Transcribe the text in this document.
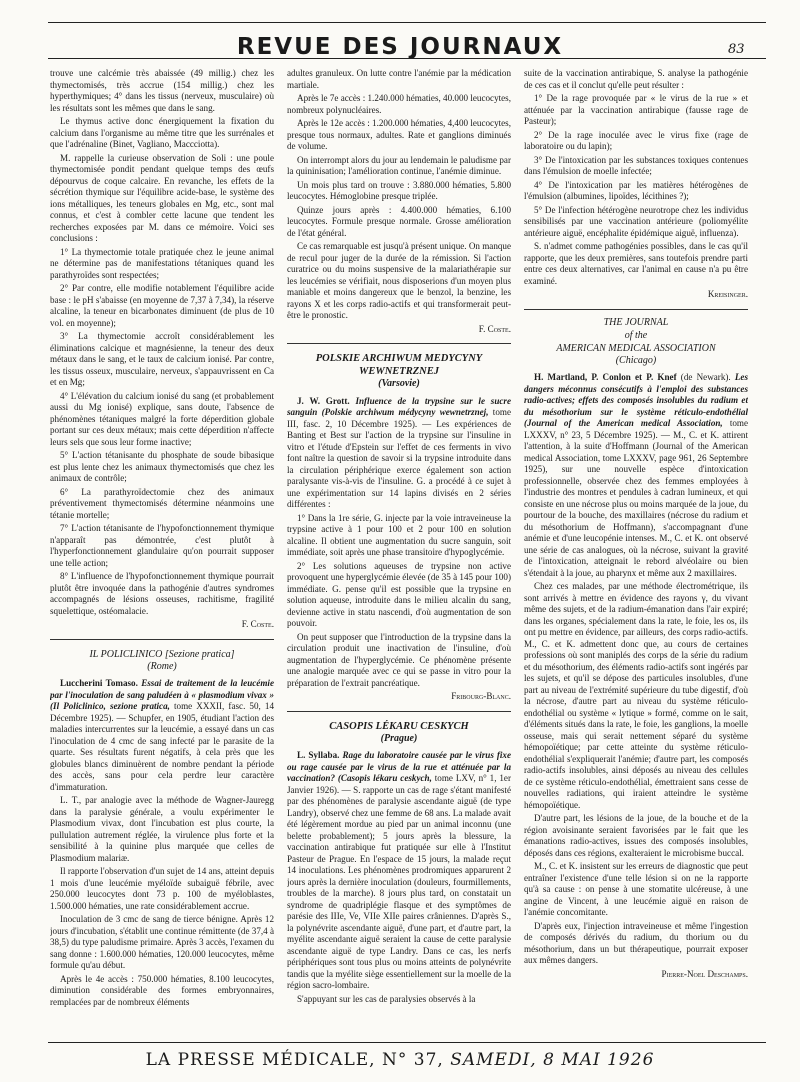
REVUE DES JOURNAUX	83

trouve une calcémie très abaissée (49 millig.) chez les thymectomisés, très accrue (154 millig.) chez les hyperthymiques; 4° dans les tissus (nerveux, musculaire) où les résultats sont les mêmes que dans le sang.

Le thymus active donc énergiquement la fixation du calcium dans l'organisme au même titre que les surrénales et que l'adrénaline (Binet, Vagliano, Maccciotta).

M. rappelle la curieuse observation de Soli : une poule thymectomisée pondit pendant quelque temps des œufs dépourvus de coque calcaire. En revanche, les effets de la sécrétion thymique sur l'équilibre acide-base, le système des ions métalliques, les teneurs globales en Mg, etc., sont mal connus, et c'est à combler cette lacune que tendent les recherches exposées par M. dans ce mémoire. Voici ses conclusions :

1° La thymectomie totale pratiquée chez le jeune animal ne détermine pas de manifestations tétaniques quand les parathyroïdes sont respectées;

2° Par contre, elle modifie notablement l'équilibre acide base : le pH s'abaisse (en moyenne de 7,37 à 7,34), la réserve alcaline, la teneur en bicarbonates diminuent (de plus de 10 vol. en moyenne);

3° La thymectomie accroît considérablement les éliminations calcique et magnésienne, la teneur des deux métaux dans le sang, et le taux de calcium ionisé. Par contre, les tissus osseux, musculaire, nerveux, s'appauvrissent en Ca et en Mg;

4° L'élévation du calcium ionisé du sang (et probablement aussi du Mg ionisé) explique, sans doute, l'absence de phénomènes tétaniques malgré la forte déperdition globale portant sur ces deux métaux; mais cette déperdition n'affecte leurs sels que sous leur forme inactive;

5° L'action tétanisante du phosphate de soude bibasique est plus lente chez les animaux thymectomisés que chez les animaux de contrôle;

6° La parathyroïdectomie chez des animaux préventivement thymectomisés détermine néanmoins une tétanie mortelle;

7° L'action tétanisante de l'hypofonctionnement thymique n'apparaît pas démontrée, c'est plutôt à l'hyperfonctionnement glandulaire qu'on pourrait supposer une telle action;

8° L'influence de l'hypofonctionnement thymique pourrait plutôt être invoquée dans la pathogénie d'autres syndromes accompagnés de lésions osseuses, rachitisme, fragilité squelettique, ostéomalacie.

F. Coste.
IL POLICLINICO [Sezione pratica]
(Rome)

Luccherini Tomaso. Essai de traitement de la leucémie par l'inoculation de sang paludéen à « plasmodium vivax » (Il Policlinico, sezione pratica, tome XXXII, fasc. 50, 14 Décembre 1925). — Schupfer, en 1905, étudiant l'action des maladies intercurrentes sur la leucémie, a essayé dans un cas l'inoculation de 4 cmc de sang infecté par le parasite de la quarte. Ses résultats furent négatifs, à cela près que les globules blancs diminuèrent de nombre pendant la période des accès, sans pour cela perdre leur caractère d'immaturation.

L. T., par analogie avec la méthode de Wagner-Jauregg dans la paralysie générale, a voulu expérimenter le Plasmodium vivax, dont l'incubation est plus courte, la pullulation autrement réglée, la virulence plus forte et la sensibilité à la quinine plus marquée que celles de Plasmodium malariæ.

Il rapporte l'observation d'un sujet de 14 ans, atteint depuis 1 mois d'une leucémie myéloïde subaiguë fébrile, avec 250.000 leucocytes dont 73 p. 100 de myéloblastes, 1.500.000 hématies, une rate considérablement accrue.

Inoculation de 3 cmc de sang de tierce bénigne. Après 12 jours d'incubation, s'établit une continue rémittente (de 37,4 à 38,5) du type paludisme primaire. Après 3 accès, l'examen du sang donne : 1.600.000 hématies, 120.000 leucocytes, même formule qu'au début.

Après le 4e accès : 750.000 hématies, 8.100 leucocytes, diminution considérable des formes embryonnaires, remplacées par de nombreux éléments

adultes granuleux. On lutte contre l'anémie par la médication martiale.

Après le 7e accès : 1.240.000 hématies, 40.000 leucocytes, nombreux polynucléaires.

Après le 12e accès : 1.200.000 hématies, 4,400 leucocytes, presque tous normaux, adultes. Rate et ganglions diminués de volume.

On interrompt alors du jour au lendemain le paludisme par la quininisation; l'amélioration continue, l'anémie diminue.

Un mois plus tard on trouve : 3.880.000 hématies, 5.800 leucocytes. Hémoglobine presque triplée.

Quinze jours après : 4.400.000 hématies, 6.100 leucocytes. Formule presque normale. Grosse amélioration de l'état général.

Ce cas remarquable est jusqu'à présent unique. On manque de recul pour juger de la durée de la rémission. Si l'action curatrice ou du moins suspensive de la malariathérapie sur les leucémies se vérifiait, nous disposerions d'un moyen plus maniable et moins dangereux que le benzol, la benzine, les rayons X et les corps radio-actifs et qui transformerait peut-être le pronostic.

F. Coste.
POLSKIE ARCHIWUM MEDYCYNY WEWNETRZNEJ
(Varsovie)

J. W. Grott. Influence de la trypsine sur le sucre sanguin (Polskie archiwum médycyny wewnetrznej, tome III, fasc. 2, 10 Décembre 1925). — Les expériences de Banting et Best sur l'action de la trypsine sur l'insuline in vitro et l'étude d'Epstein sur l'effet de ces ferments in vivo font naître la question de savoir si la trypsine introduite dans la circulation périphérique exerce également son action paralysante vis-à-vis de l'insuline. G. a procédé à ce sujet à une expérimentation sur 14 lapins divisés en 2 séries différentes :

1° Dans la 1re série, G. injecte par la voie intraveineuse la trypsine active à 1 pour 100 et 2 pour 100 en solution alcaline. Il obtient une augmentation du sucre sanguin, soit immédiate, soit après une phase transitoire d'hypoglycémie.

2° Les solutions aqueuses de trypsine non active provoquent une hyperglycémie élevée (de 35 à 145 pour 100) immédiate. G. pense qu'il est possible que la trypsine en solution aqueuse, introduite dans le milieu alcalin du sang, devienne active in statu nascendi, d'où augmentation de son pouvoir.

On peut supposer que l'introduction de la trypsine dans la circulation produit une inactivation de l'insuline, d'où augmentation de l'hyperglycémie. Ce phénomène présente une analogie marquée avec ce qui se passe in vitro pour la préparation de l'extrait pancréatique.

Fribourg-Blanc.
CASOPIS LÉKARU CESKYCH
(Prague)

L. Syllaba. Rage du laboratoire causée par le virus fixe ou rage causée par le virus de la rue et atténuée par la vaccination? (Casopis lékaru ceskych, tome LXV, n° 1, 1er Janvier 1926). — S. rapporte un cas de rage s'étant manifesté par des phénomènes de paralysie ascendante aiguë (de type Landry), observé chez une femme de 68 ans. La malade avait été légèrement mordue au pied par un animal inconnu (une belette probablement); 5 jours après la blessure, la vaccination antirabique fut pratiquée sur elle à l'Institut Pasteur de Prague. En l'espace de 15 jours, la malade reçut 14 inoculations. Les phénomènes prodromiques apparurent 2 jours après la dernière inoculation (douleurs, fourmillements, troubles de la marche). 8 jours plus tard, on constatait un syndrome de quadriplégie flasque et des symptômes de parésie des IIIe, Ve, VIIe XIIe paires crâniennes. D'après S., la polynévrite ascendante aiguë, d'une part, et d'autre part, la myélite ascendante aiguë seraient la cause de cette paralysie ascendante aiguë de type Landry. Dans ce cas, les nerfs périphériques sont tous plus ou moins atteints de polynévrite tandis que la myélite siège essentiellement sur la moelle de la région sacro-lombaire.

S'appuyant sur les cas de paralysies observés à la

suite de la vaccination antirabique, S. analyse la pathogénie de ces cas et il conclut qu'elle peut résulter :

1° De la rage provoquée par « le virus de la rue » et atténuée par la vaccination antirabique (fausse rage de Pasteur);

2° De la rage inoculée avec le virus fixe (rage de laboratoire ou du lapin);

3° De l'intoxication par les substances toxiques contenues dans l'émulsion de moelle infectée;

4° De l'intoxication par les matières hétérogènes de l'émulsion (albumines, lipoïdes, lécithines ?);

5° De l'infection hétérogène neurotrope chez les individus sensibilisés par une vaccination antérieure (poliomyélite antérieure aiguë, encéphalite épidémique aiguë, influenza).

S. n'admet comme pathogénies possibles, dans le cas qu'il rapporte, que les deux premières, sans toutefois prendre parti entre ces deux alternatives, car l'animal en cause n'a pu être examiné.

Kreisinger.
THE JOURNAL
of the
AMERICAN MEDICAL ASSOCIATION
(Chicago)

H. Martland, P. Conlon et P. Knef (de Newark). Les dangers méconnus consécutifs à l'emploi des substances radio-actives; effets des composés insolubles du radium et du mésothorium sur le système réticulo-endothélial (Journal of the American medical Association, tome LXXXV, n° 23, 5 Décembre 1925). — M., C. et K. attirent l'attention, à la suite d'Hoffmann (Journal of the American medical Association, tome LXXXV, page 961, 26 Septembre 1925), sur une nouvelle espèce d'intoxication professionnelle, observée chez des femmes employées à l'industrie des montres et pendules à cadran lumineux, et qui consiste en une nécrose plus ou moins marquée de la joue, du pourtour de la bouche, des maxillaires (nécrose du radium et du mésothorium de Hoffmann), s'accompagnant d'une anémie et d'une leucopénie intenses. M., C. et K. ont observé une série de cas analogues, où la nécrose, suivant la gravité de l'intoxication, atteignait le rebord alvéolaire ou bien s'étendait à la joue, au pharynx et même aux 2 maxillaires.

Chez ces malades, par une méthode électrométrique, ils sont arrivés à mettre en évidence des rayons γ, du vivant même des sujets, et de la radium-émanation dans l'air expiré; dans les organes, spécialement dans la rate, le foie, les os, ils ont pu mettre en évidence, par ailleurs, des corps radio-actifs. M., C. et K. admettent donc que, au cours de certaines professions où sont maniplés des corps de la série du radium et du mésothorium, des éléments radio-actifs sont ingérés par les sujets, et qu'il se dépose des particules insolubles, d'une part au niveau de l'extrémité supérieure du tube digestif, d'où la nécrose, d'autre part au niveau du système réticulo-endothélial ou système « lytique » formé, comme on le sait, d'éléments situés dans la rate, le foie, les ganglions, la moelle osseuse, mais qui serait nettement séparé du système hémopoïétique; par cette atteinte du système réticulo-endothélial s'expliquerait l'anémie; d'autre part, les composés radio-actifs insolubles, ainsi déposés au niveau des cellules de ce système réticulo-endothélial, émettraient sans cesse de nouvelles radiations, qui iraient atteindre le système hémopoïétique.

D'autre part, les lésions de la joue, de la bouche et de la région avoisinante seraient favorisées par le fait que les émanations radio-actives, issues des composés insolubles, déposés dans ces régions, exalteraient le microbisme buccal.

M., C. et K. insistent sur les erreurs de diagnostic que peut entraîner l'existence d'une telle lésion si on ne la rapporte qu'à sa cause : on pense à une stomatite ulcéreuse, à une angine de Vincent, à une leucémie aiguë en raison de l'anémie concomitante.

D'après eux, l'injection intraveineuse et même l'ingestion de composés dérivés du radium, du thorium ou du mésothorium, dans un but thérapeutique, pourrait exposer aux mêmes dangers.

Pierre-Noel Deschamps.
LA PRESSE MÉDICALE, N° 37, SAMEDI, 8 MAI 1926
